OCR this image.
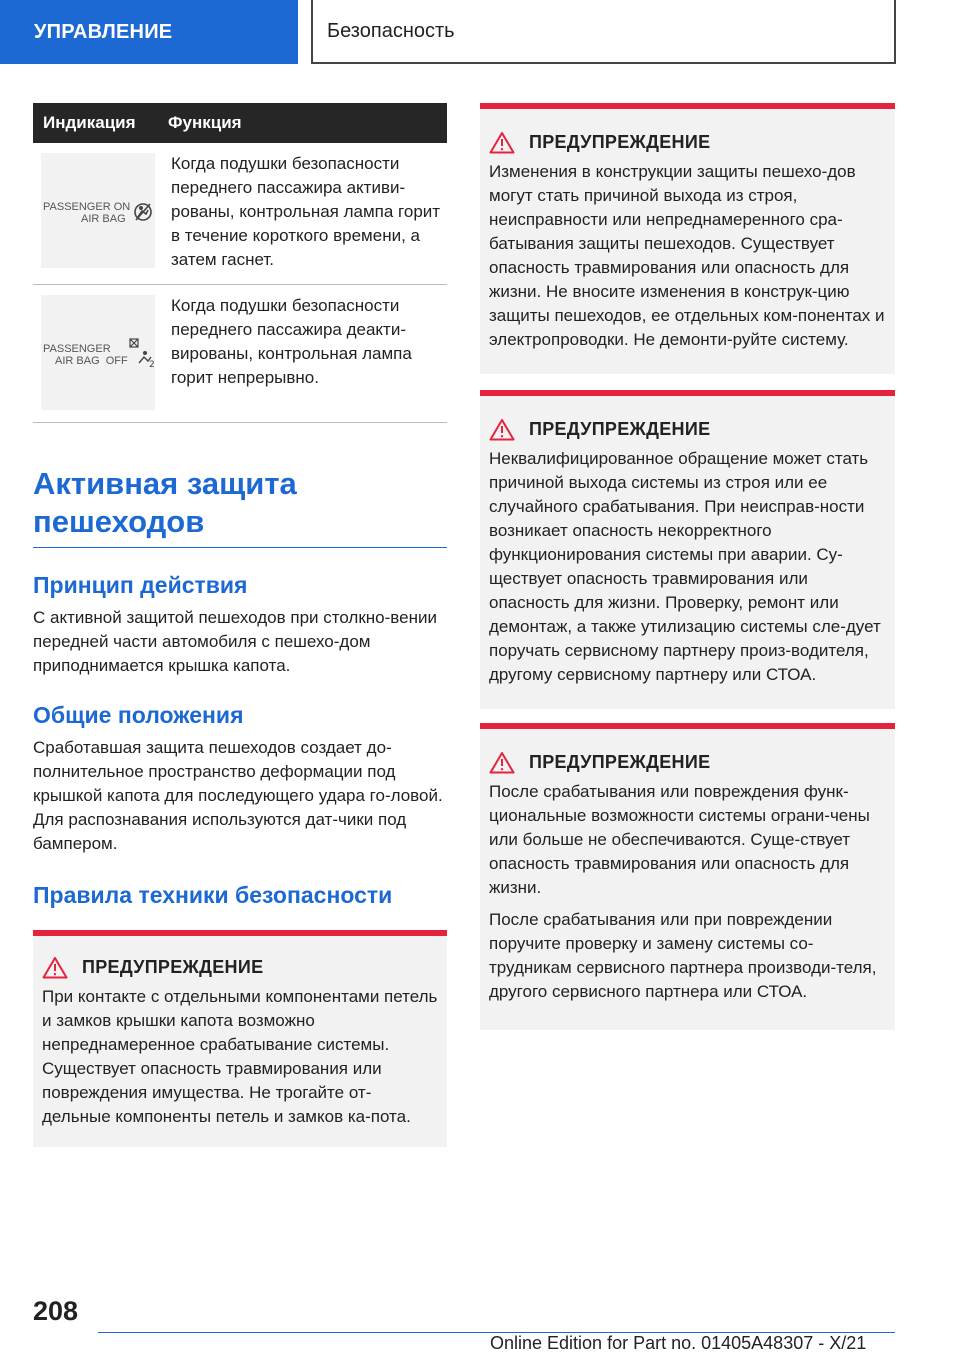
УПРАВЛЕНИЕ	Безопасность
Индикация	Функция

PASSENGER ON
AIR BAG	Когда подушки безопасности переднего пассажира активи-рованы, контрольная лампа горит в течение короткого времени, а затем гаснет.

PASSENGER
AIR BAG  OFF 2	Когда подушки безопасности переднего пассажира деакти-вированы, контрольная лампа горит непрерывно.
Активная защита пешеходов
Принцип действия

С активной защитой пешеходов при столкно-вении передней части автомобиля с пешехо-дом приподнимается крышка капота.

Общие положения

Сработавшая защита пешеходов создает до-полнительное пространство деформации под крышкой капота для последующего удара го-ловой. Для распознавания используются дат-чики под бампером.

Правила техники безопасности
ПРЕДУПРЕЖДЕНИЕ

При контакте с отдельными компонентами петель и замков крышки капота возможно непреднамеренное срабатывание системы. Существует опасность травмирования или повреждения имущества. Не трогайте от-дельные компоненты петель и замков ка-пота.

ПРЕДУПРЕЖДЕНИЕ

Изменения в конструкции защиты пешехо-дов могут стать причиной выхода из строя, неисправности или непреднамеренного сра-батывания защиты пешеходов. Существует опасность травмирования или опасность для жизни. Не вносите изменения в конструк-цию защиты пешеходов, ее отдельных ком-понентах и электропроводки. Не демонти-руйте систему.

ПРЕДУПРЕЖДЕНИЕ

Неквалифицированное обращение может стать причиной выхода системы из строя или ее случайного срабатывания. При неисправ-ности возникает опасность некорректного функционирования системы при аварии. Су-ществует опасность травмирования или опасность для жизни. Проверку, ремонт или демонтаж, а также утилизацию системы сле-дует поручать сервисному партнеру произ-водителя, другому сервисному партнеру или СТОА.

ПРЕДУПРЕЖДЕНИЕ

После срабатывания или повреждения функ-циональные возможности системы ограни-чены или больше не обеспечиваются. Суще-ствует опасность травмирования или опасность для жизни.

После срабатывания или при повреждении поручите проверку и замену системы со-трудникам сервисного партнера производи-теля, другого сервисного партнера или СТОА.

208
Online Edition for Part no. 01405A48307 - X/21
